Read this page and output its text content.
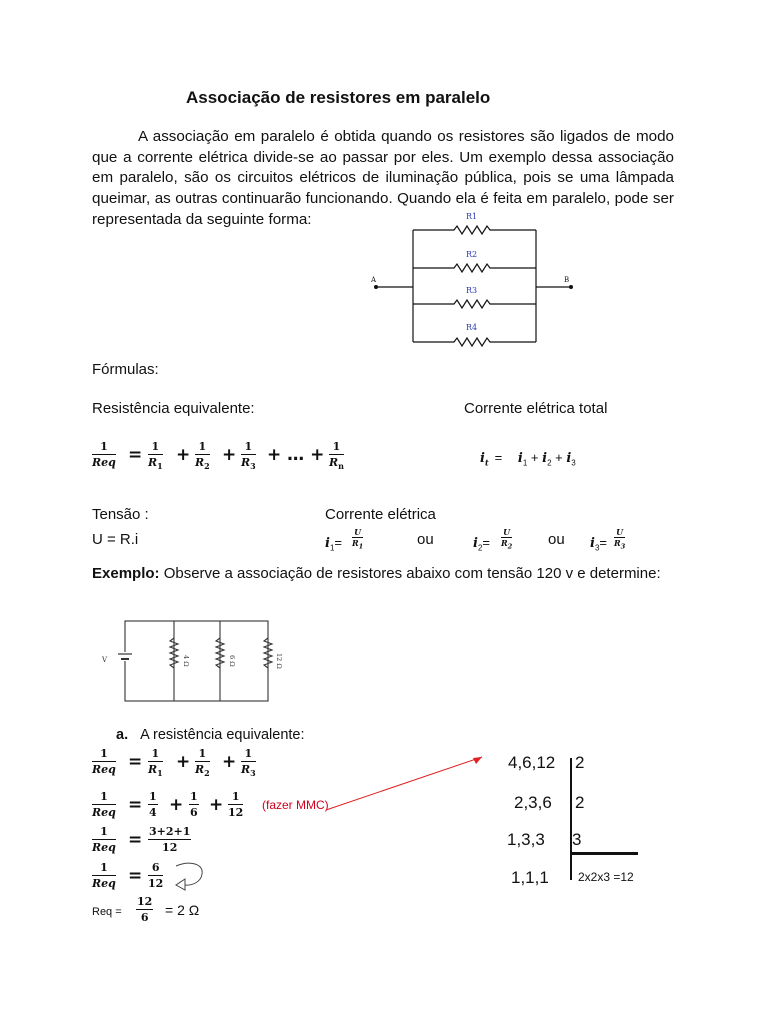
Associação de resistores em paralelo
A associação em paralelo é obtida quando os resistores são ligados de modo que a corrente elétrica divide-se ao passar por eles. Um exemplo dessa associação em paralelo, são os circuitos elétricos de iluminação pública, pois se uma lâmpada queimar, as outras continuarão funcionando. Quando ela é feita em paralelo, pode ser representada da seguinte forma:	R1
R2
R3
R4
A	B
Fórmulas:
Resistência equivalente:	Corrente elétrica total
1
Req = $\frac{1}{R_1} + \frac{1}{R_2} + \frac{1}{R_3}$ + … + $\frac{1}{R_n}$	$i_t = i_1 + i_2 + i_3$
Tensão :	Corrente elétrica
U = R.i	$i_1= \frac{U}{R_1}$	ou	$i_2= \frac{U}{R_2}$ ou $i_3= \frac{U}{R_3}$
Exemplo: Observe a associação de resistores abaixo com tensão 120 v e determine:
V	4 Ω	6 Ω	12 Ω
a. A resistência equivalente:
1
Req = $\frac{1}{R_1} + \frac{1}{R_2} + \frac{1}{R_3}$
1
Req = $\frac{1}{4} + \frac{1}{6} + \frac{1}{12}$ (fazer MMC)
1
Req = $\frac{3+2+1}{12}$
1
Req = $\frac{6}{12}$
Req = $\frac{12}{6} = 2$ Ω
4,6,12
2,3,6
1,3,3
1,1,1
2
2
3
2x2x3 =12
